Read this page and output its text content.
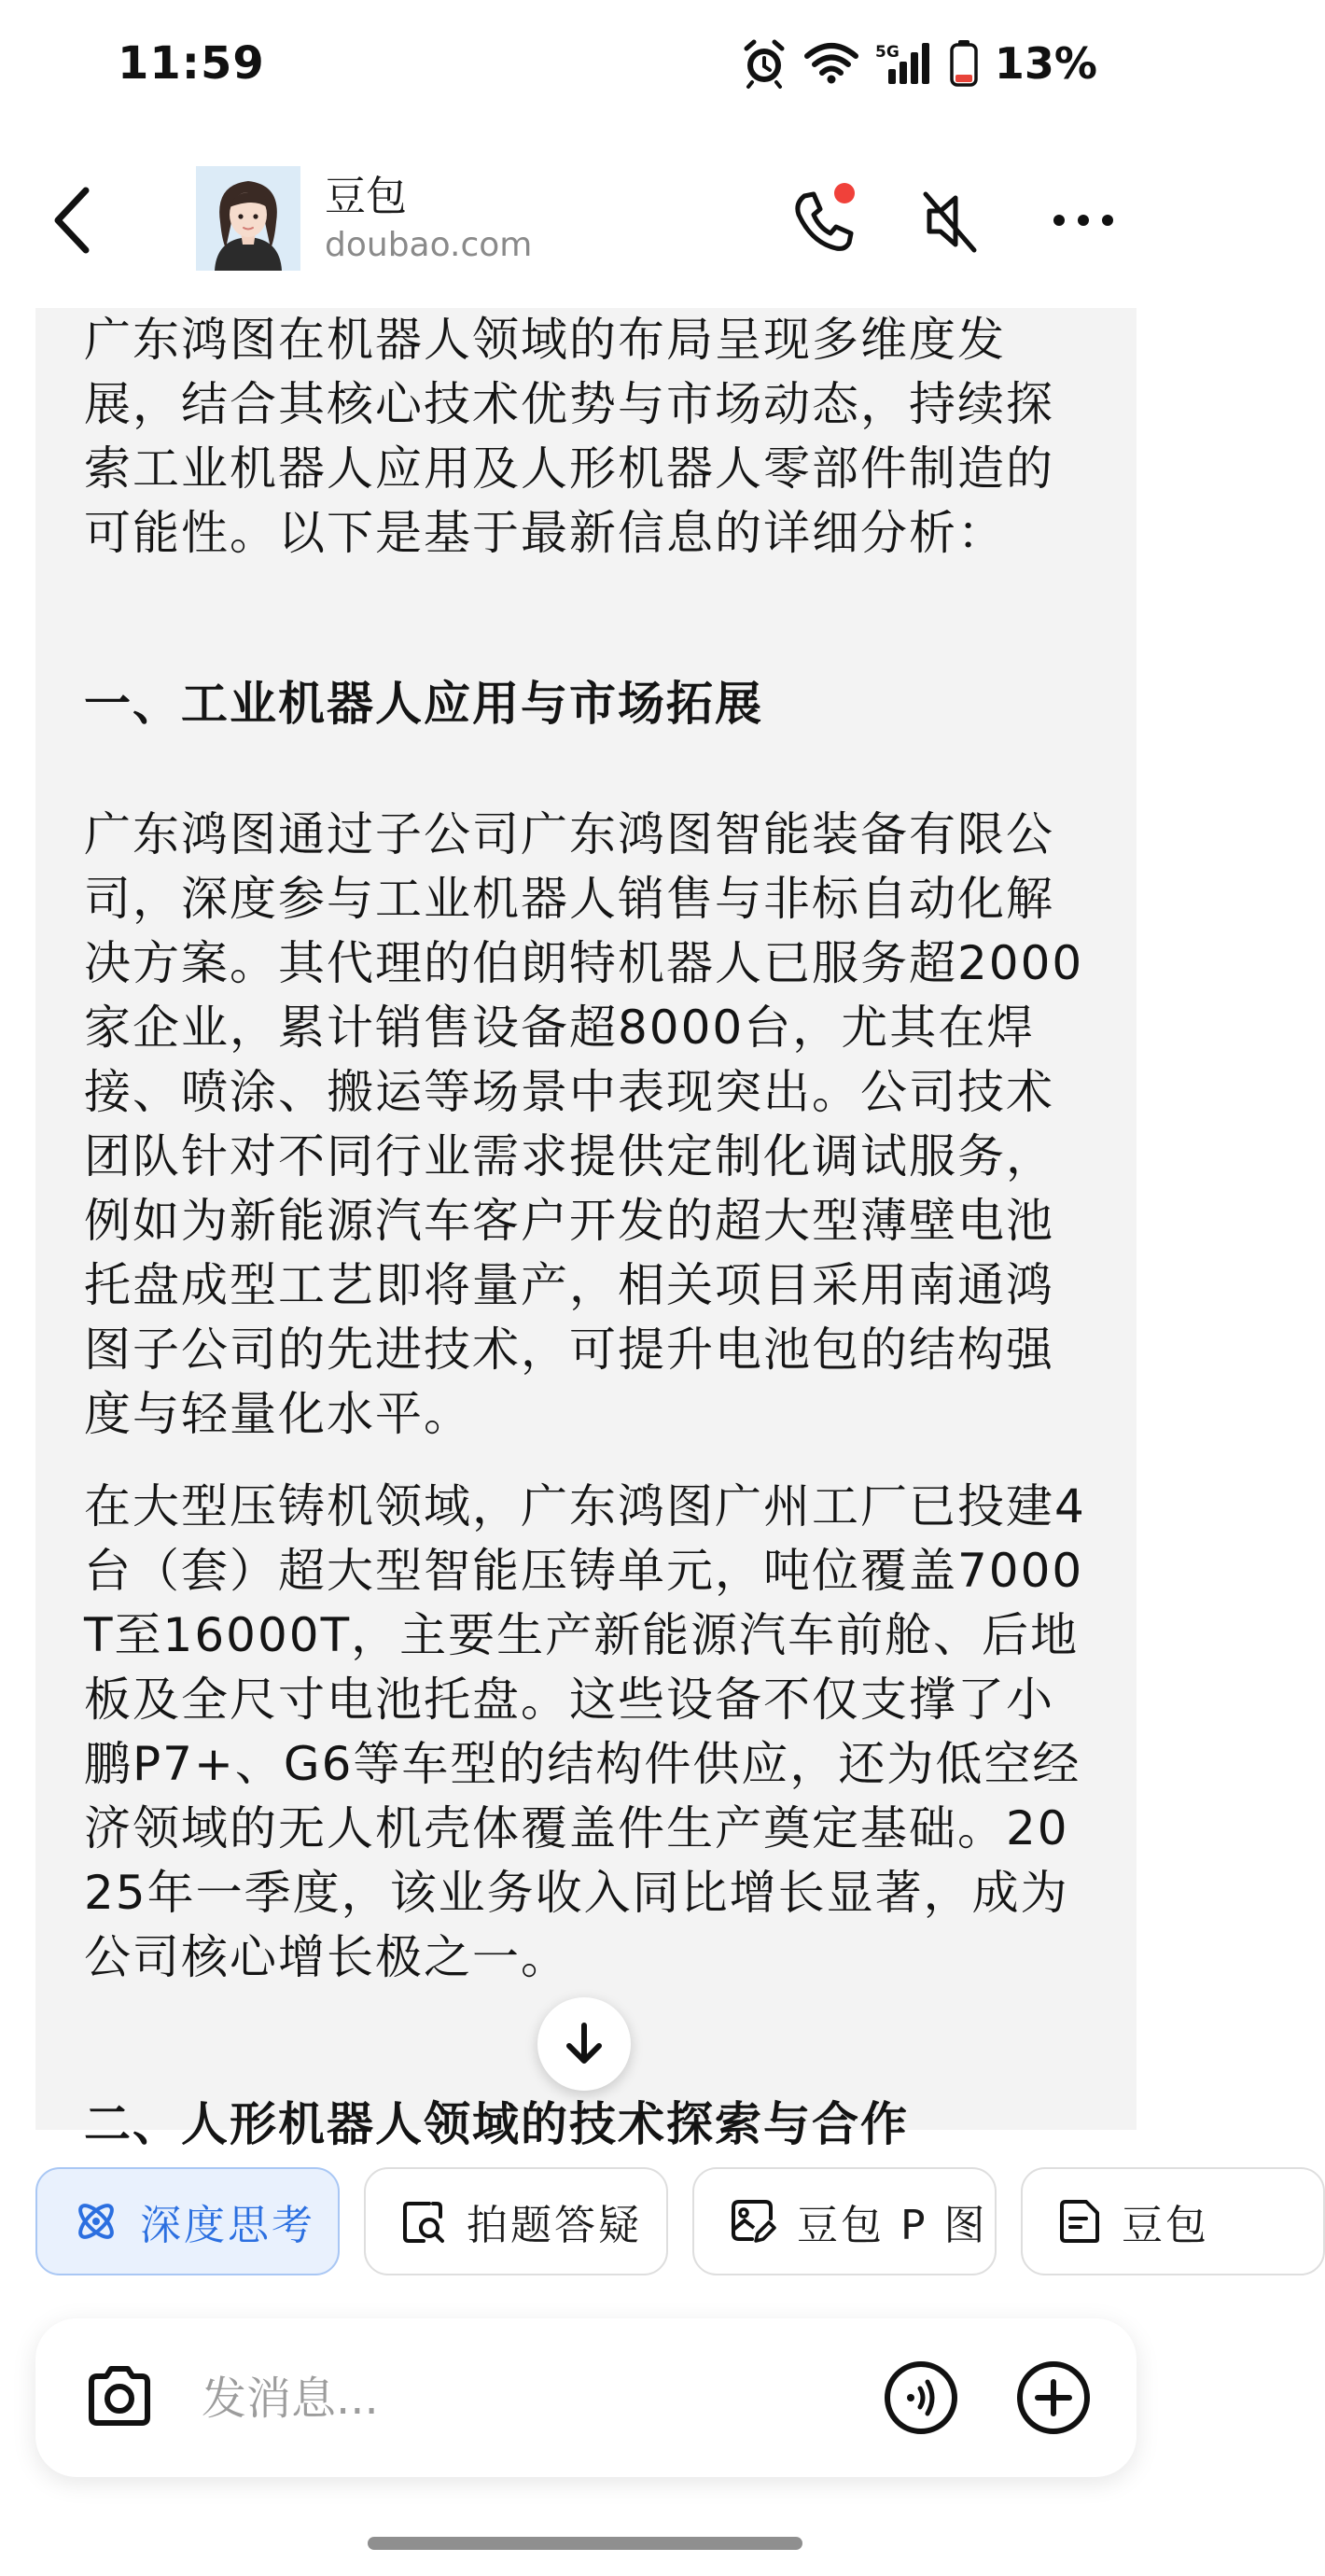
11:59	5G 13%
豆包
doubao.com

广东鸿图在机器人领域的布局呈现多维度发展，结合其核心技术优势与市场动态，持续探索工业机器人应用及人形机器人零部件制造的可能性。以下是基于最新信息的详细分析：

一、工业机器人应用与市场拓展

广东鸿图通过子公司广东鸿图智能装备有限公司，深度参与工业机器人销售与非标自动化解决方案。其代理的伯朗特机器人已服务超2000家企业，累计销售设备超8000台，尤其在焊接、喷涂、搬运等场景中表现突出。公司技术团队针对不同行业需求提供定制化调试服务，例如为新能源汽车客户开发的超大型薄壁电池托盘成型工艺即将量产，相关项目采用南通鸿图子公司的先进技术，可提升电池包的结构强度与轻量化水平。

在大型压铸机领域，广东鸿图广州工厂已投建4台（套）超大型智能压铸单元，吨位覆盖7000T至16000T，主要生产新能源汽车前舱、后地板及全尺寸电池托盘。这些设备不仅支撑了小鹏P7+、G6等车型的结构件供应，还为低空经济领域的无人机壳体覆盖件生产奠定基础。2025年一季度，该业务收入同比增长显著，成为公司核心增长极之一。

二、人形机器人领域的技术探索与合作

深度思考	拍题答疑	豆包 P 图	豆包
发消息...
